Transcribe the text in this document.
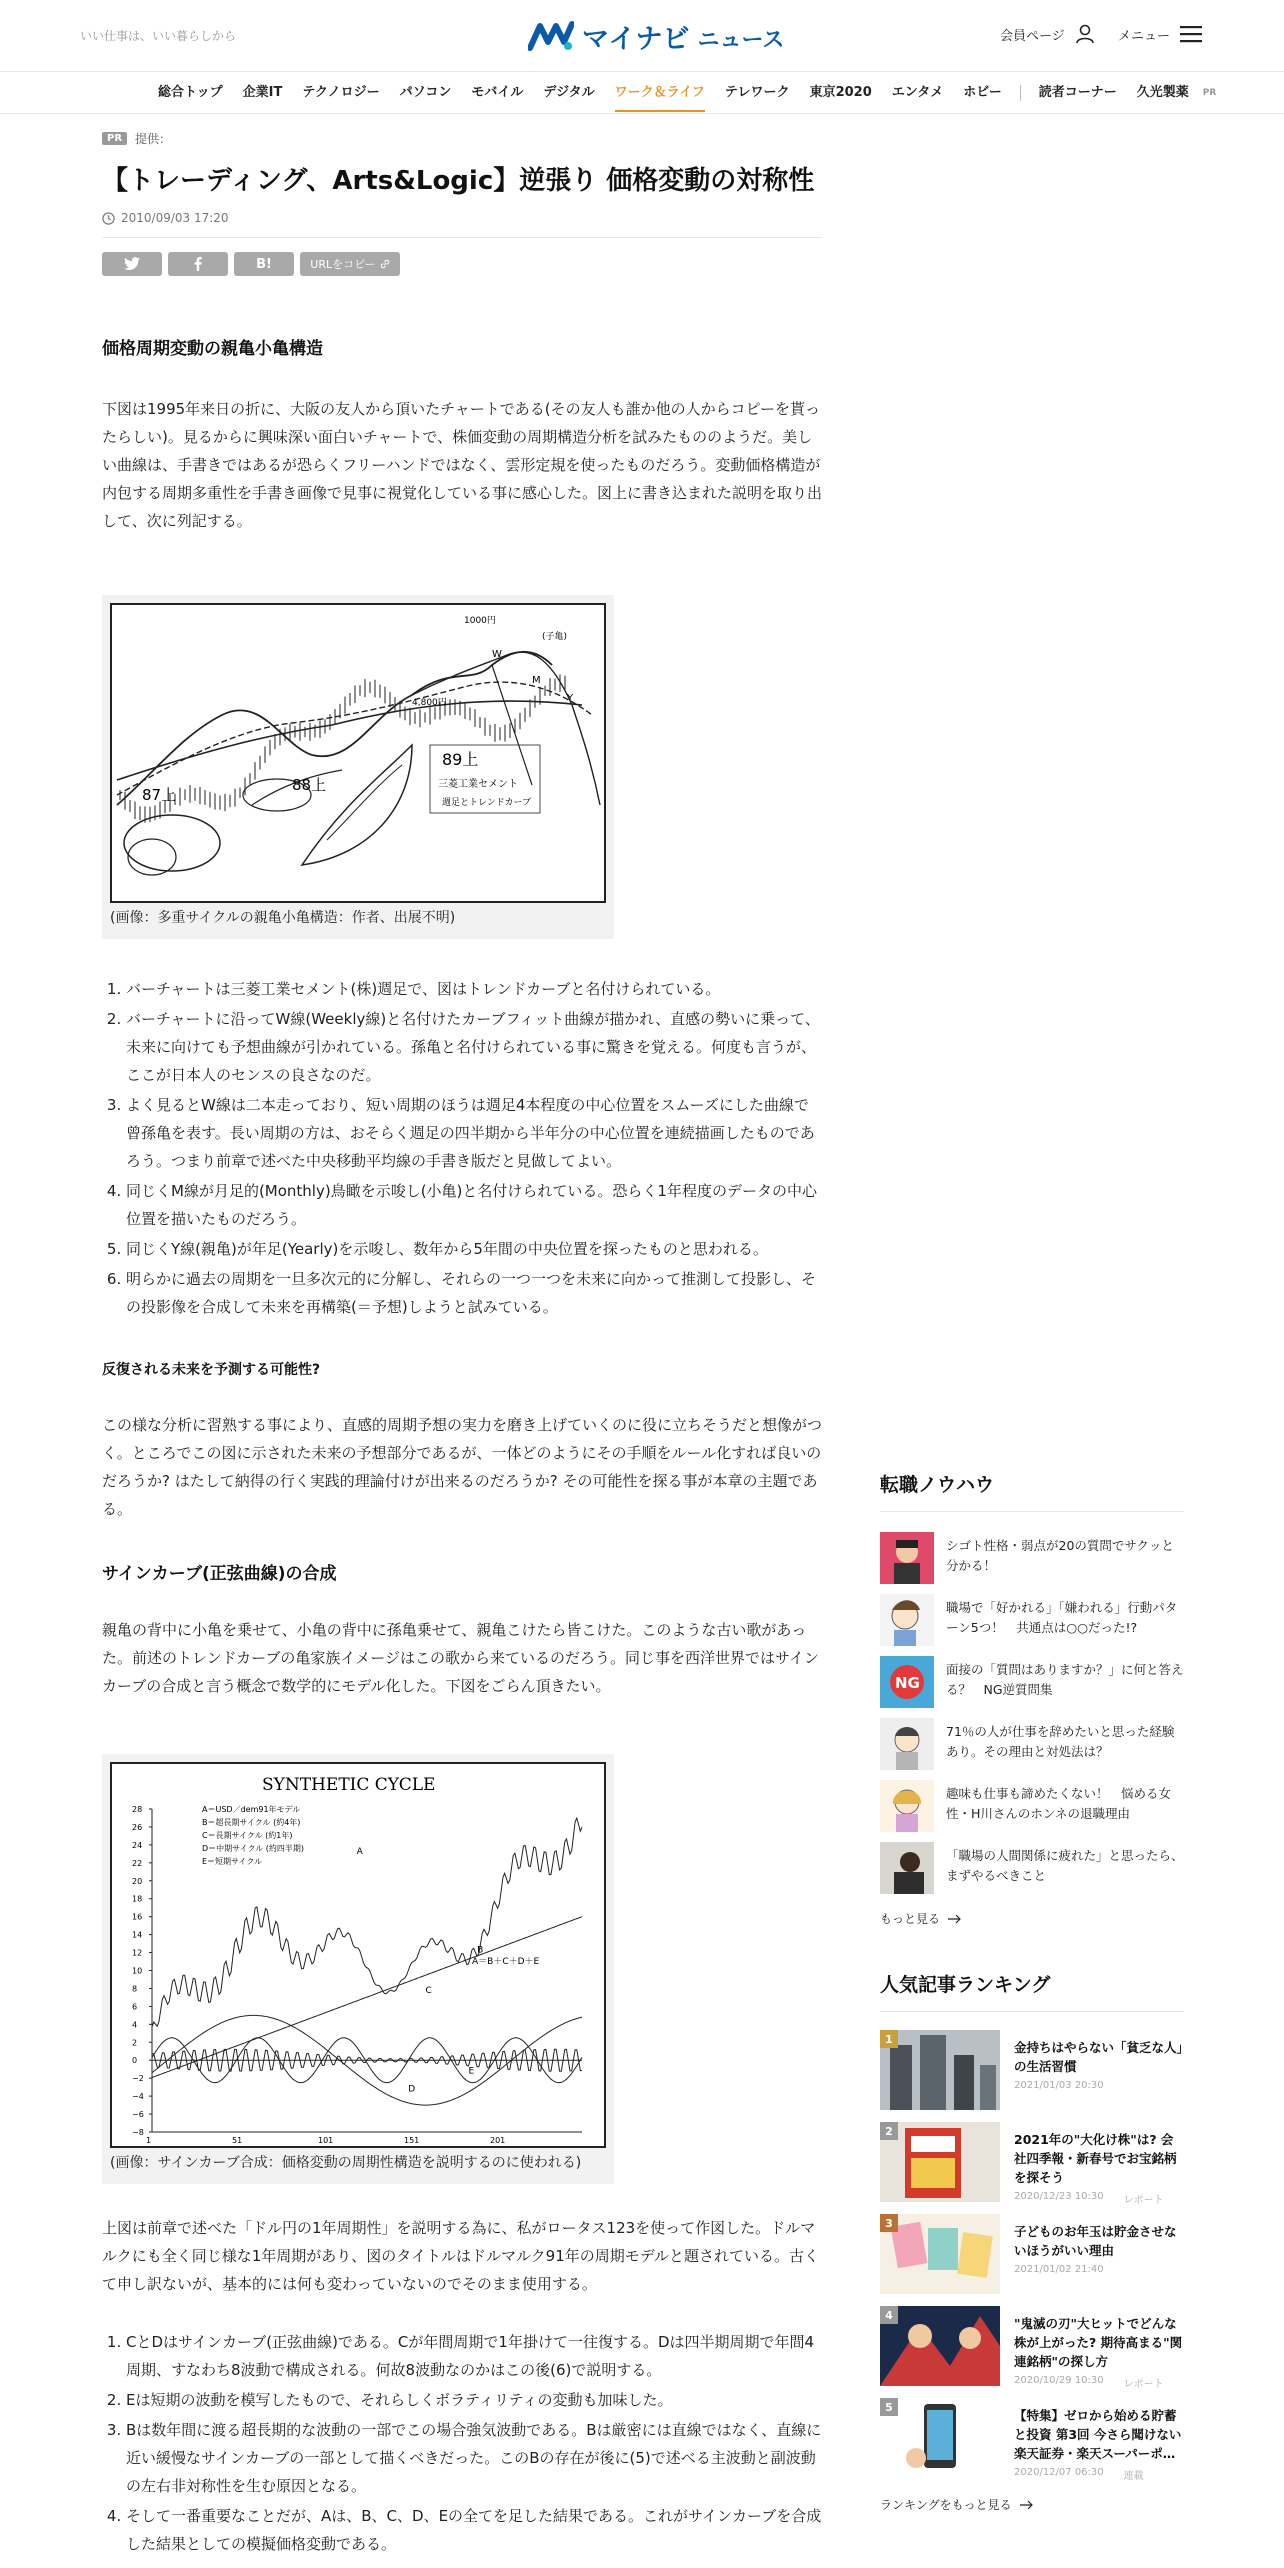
いい仕事は、いい暮らしから	マイナビ ニュース	会員ページ	メニュー
総合トップ	企業IT	テクノロジー	パソコン	モバイル	デジタル	ワーク＆ライフ	テレワーク	東京2020	エンタメ	ホビー	読者コーナー	久光製薬	PR
PR	提供：
【トレーディング、Arts&Logic】逆張り 価格変動の対称性
2010/09/03 17:20
B!	URLをコピー
価格周期変動の親亀小亀構造

下図は1995年来日の折に、大阪の友人から頂いたチャートである(その友人も誰か他の人からコピーを貰ったらしい)。見るからに興味深い面白いチャートで、株価変動の周期構造分析を試みたもののようだ。美しい曲線は、手書きではあるが恐らくフリーハンドではなく、雲形定規を使ったものだろう。変動価格構造が内包する周期多重性を手書き画像で見事に視覚化している事に感心した。図上に書き込まれた説明を取り出して、次に列記する。

1000円
(子亀)
W
M
Y
4,800円
89上
88上
87上
三菱工業セメント
週足とトレンドカーブ
(画像：多重サイクルの親亀小亀構造：作者、出展不明)
1. バーチャートは三菱工業セメント(株)週足で、図はトレンドカーブと名付けられている。
2. バーチャートに沿ってW線(Weekly線)と名付けたカーブフィット曲線が描かれ、直感の勢いに乗って、未来に向けても予想曲線が引かれている。孫亀と名付けられている事に驚きを覚える。何度も言うが、ここが日本人のセンスの良さなのだ。
3. よく見るとW線は二本走っており、短い周期のほうは週足4本程度の中心位置をスムーズにした曲線で曾孫亀を表す。長い周期の方は、おそらく週足の四半期から半年分の中心位置を連続描画したものであろう。つまり前章で述べた中央移動平均線の手書き版だと見做してよい。
4. 同じくM線が月足的(Monthly)鳥瞰を示唆し(小亀)と名付けられている。恐らく1年程度のデータの中心位置を描いたものだろう。
5. 同じくY線(親亀)が年足(Yearly)を示唆し、数年から5年間の中央位置を探ったものと思われる。
6. 明らかに過去の周期を一旦多次元的に分解し、それらの一つ一つを未来に向かって推測して投影し、その投影像を合成して未来を再構築(＝予想)しようと試みている。
反復される未来を予測する可能性?

この様な分析に習熟する事により、直感的周期予想の実力を磨き上げていくのに役に立ちそうだと想像がつく。ところでこの図に示された未来の予想部分であるが、一体どのようにその手順をルール化すれば良いのだろうか? はたして納得の行く実践的理論付けが出来るのだろうか? その可能性を探る事が本章の主題である。

サインカーブ(正弦曲線)の合成

親亀の背中に小亀を乗せて、小亀の背中に孫亀乗せて、親亀こけたら皆こけた。このような古い歌があった。前述のトレンドカーブの亀家族イメージはこの歌から来ているのだろう。同じ事を西洋世界ではサインカーブの合成と言う概念で数学的にモデル化した。下図をごらん頂きたい。

SYNTHETIC CYCLE
A＝USD／dem91年モデル
B＝超長期サイクル (約4年)
C＝長期サイクル (約1年)
D＝中期サイクル (約四半期)
E＝短期サイクル
A＝B＋C＋D＋E
28
26
24
22
20
18
16
14
12
10
8
6
4
2
0
−2
−4
−6
−8
1	51	101	151	201
A
B
C
D
E
(画像：サインカーブ合成：価格変動の周期性構造を説明するのに使われる)

上図は前章で述べた「ドル円の1年周期性」を説明する為に、私がロータス123を使って作図した。ドルマルクにも全く同じ様な1年周期があり、図のタイトルはドルマルク91年の周期モデルと題されている。古くて申し訳ないが、基本的には何も変わっていないのでそのまま使用する。

1. CとDはサインカーブ(正弦曲線)である。Cが年間周期で1年掛けて一往復する。Dは四半期周期で年間4周期、すなわち8波動で構成される。何故8波動なのかはこの後(6)で説明する。
2. Eは短期の波動を模写したもので、それらしくボラティリティの変動も加味した。
3. Bは数年間に渡る超長期的な波動の一部でこの場合強気波動である。Bは厳密には直線ではなく、直線に近い緩慢なサインカーブの一部として描くべきだった。このBの存在が後に(5)で述べる主波動と副波動の左右非対称性を生む原因となる。
4. そして一番重要なことだが、Aは、B、C、D、Eの全てを足した結果である。これがサインカーブを合成した結果としての模擬価格変動である。
転職ノウハウ
シゴト性格・弱点が20の質問でサクッと分かる！
職場で「好かれる」「嫌われる」行動パターン5つ！　共通点は○○だった!?
NG
面接の「質問はありますか？」に何と答える？　NG逆質問集
71％の人が仕事を辞めたいと思った経験あり。その理由と対処法は？
趣味も仕事も諦めたくない！　悩める女性・H川さんのホンネの退職理由
「職場の人間関係に疲れた」と思ったら、まずやるべきこと
もっと見る
人気記事ランキング
1
金持ちはやらない「貧乏な人」の生活習慣
2021/01/03 20:30
2
2021年の"大化け株"は? 会社四季報・新春号でお宝銘柄を探そう
2020/12/23 10:30 レポート
3
子どものお年玉は貯金させないほうがいい理由
2021/01/02 21:40
4
"鬼滅の刃"大ヒットでどんな株が上がった? 期待高まる"関連銘柄"の探し方
2020/10/29 10:30 レポート
5
【特集】ゼロから始める貯蓄と投資 第3回 今さら聞けない楽天証券・楽天スーパーポ…
2020/12/07 06:30 連載
ランキングをもっと見る
